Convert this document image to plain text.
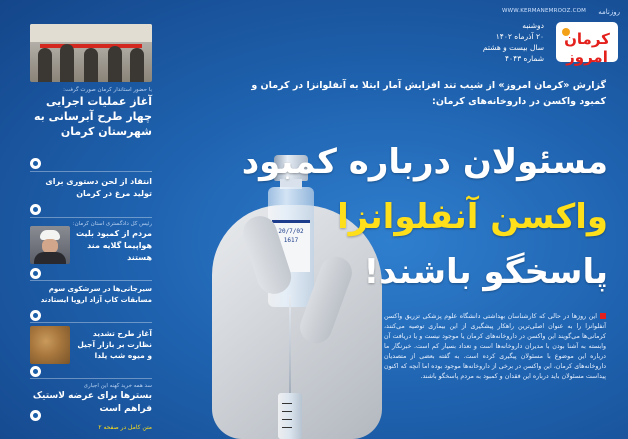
روزنامه
WWW.KERMANEMROOZ.COM
کرمان امروز
دوشنبه
۲۰ آذرماه ۱۴۰۲
سال بیست و هشتم
شماره ۴۰۴۳
با حضور استاندار کرمان صورت گرفت:
آغاز عملیات اجرایی چهار طرح آبرسانی به شهرستان کرمان
انتقاد از لحن دستوری برای تولید مرغ در کرمان
رئیس کل دادگستری استان کرمان:
مردم از کمبود بلیت هواپیما گلایه مند هستند
سیرجانی‌ها در سرشکوی سوم مسابقات کاپ آزاد اروپا ایستادند
آغاز طرح تشدید نظارت بر بازار آجیل و میوه شب یلدا
سد همه خرید کهنه این اجباری
بسترها برای عرضه لاستیک فراهم است
متن کامل در صفحه ۲
20/7/02
1617
گزارش «کرمان امروز» از شیب تند افزایش آمار ابتلا به آنفلوانزا در کرمان و کمبود واکسن در داروخانه‌های کرمان:
مسئولان درباره کمبود
واکسن آنفلوانزا
پاسخگو باشند!
این روزها در حالی که کارشناسان بهداشتی دانشگاه علوم پزشکی تزریق واکسن آنفلوانزا را به عنوان اصلی‌ترین راهکار پیشگیری از این بیماری توصیه می‌کنند، کرمانی‌ها می‌گویند این واکسن در داروخانه‌های کرمان یا موجود نیست و یا دریافت آن وابسته به آشنا بودن با مدیران داروخانه‌ها است و تعداد بسیار کم است. خبرنگار ما درباره این موضوع با مسئولان پیگیری کرده است. به گفته بعضی از متصدیان داروخانه‌های کرمان، این واکسن در برخی از داروخانه‌ها موجود بوده اما آنچه که اکنون پیداست مسئولان باید درباره این فقدان و کمبود به مردم پاسخگو باشند.
